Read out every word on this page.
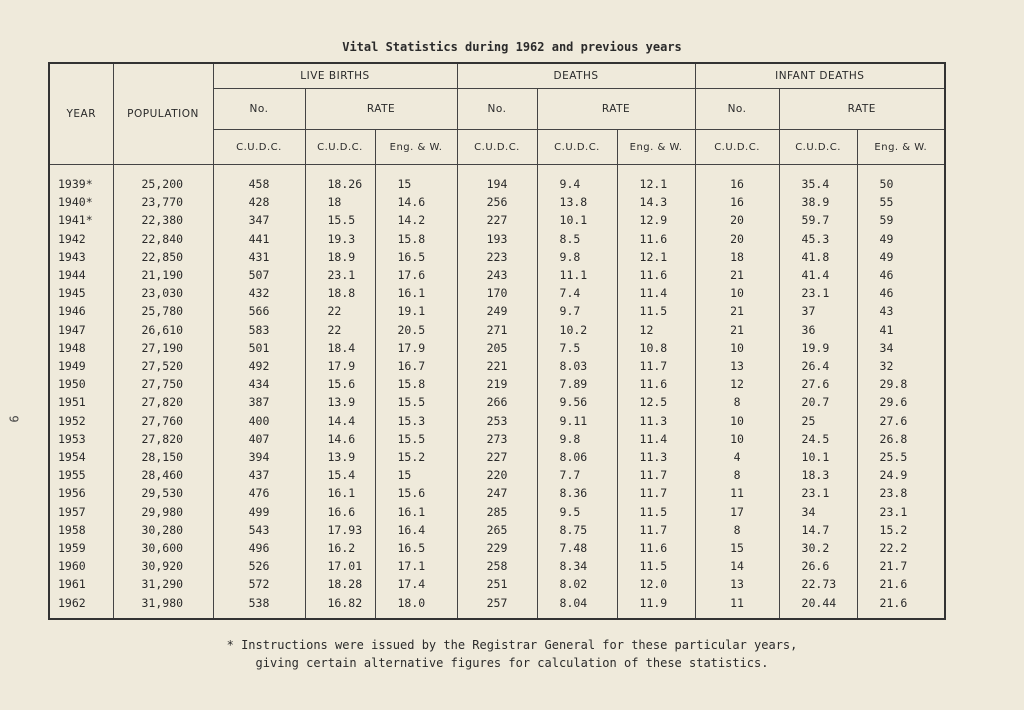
9
Vital Statistics during 1962 and previous years
YEAR	POPULATION	LIVE BIRTHS			DEATHS			INFANT DEATHS		
		No.	RATE		No.	RATE		No.	RATE	
		C.U.D.C.	C.U.D.C.	Eng. & W.	C.U.D.C.	C.U.D.C.	Eng. & W.	C.U.D.C.	C.U.D.C.	Eng. & W.
1939*	25,200	458	18.26	15	194	9.4	12.1	16	35.4	50
1940*	23,770	428	18	14.6	256	13.8	14.3	16	38.9	55
1941*	22,380	347	15.5	14.2	227	10.1	12.9	20	59.7	59
1942	22,840	441	19.3	15.8	193	8.5	11.6	20	45.3	49
1943	22,850	431	18.9	16.5	223	9.8	12.1	18	41.8	49
1944	21,190	507	23.1	17.6	243	11.1	11.6	21	41.4	46
1945	23,030	432	18.8	16.1	170	7.4	11.4	10	23.1	46
1946	25,780	566	22	19.1	249	9.7	11.5	21	37	43
1947	26,610	583	22	20.5	271	10.2	12	21	36	41
1948	27,190	501	18.4	17.9	205	7.5	10.8	10	19.9	34
1949	27,520	492	17.9	16.7	221	8.03	11.7	13	26.4	32
1950	27,750	434	15.6	15.8	219	7.89	11.6	12	27.6	29.8
1951	27,820	387	13.9	15.5	266	9.56	12.5	8	20.7	29.6
1952	27,760	400	14.4	15.3	253	9.11	11.3	10	25	27.6
1953	27,820	407	14.6	15.5	273	9.8	11.4	10	24.5	26.8
1954	28,150	394	13.9	15.2	227	8.06	11.3	4	10.1	25.5
1955	28,460	437	15.4	15	220	7.7	11.7	8	18.3	24.9
1956	29,530	476	16.1	15.6	247	8.36	11.7	11	23.1	23.8
1957	29,980	499	16.6	16.1	285	9.5	11.5	17	34	23.1
1958	30,280	543	17.93	16.4	265	8.75	11.7	8	14.7	15.2
1959	30,600	496	16.2	16.5	229	7.48	11.6	15	30.2	22.2
1960	30,920	526	17.01	17.1	258	8.34	11.5	14	26.6	21.7
1961	31,290	572	18.28	17.4	251	8.02	12.0	13	22.73	21.6
1962	31,980	538	16.82	18.0	257	8.04	11.9	11	20.44	21.6
* Instructions were issued by the Registrar General for these particular years,
giving certain alternative figures for calculation of these statistics.
